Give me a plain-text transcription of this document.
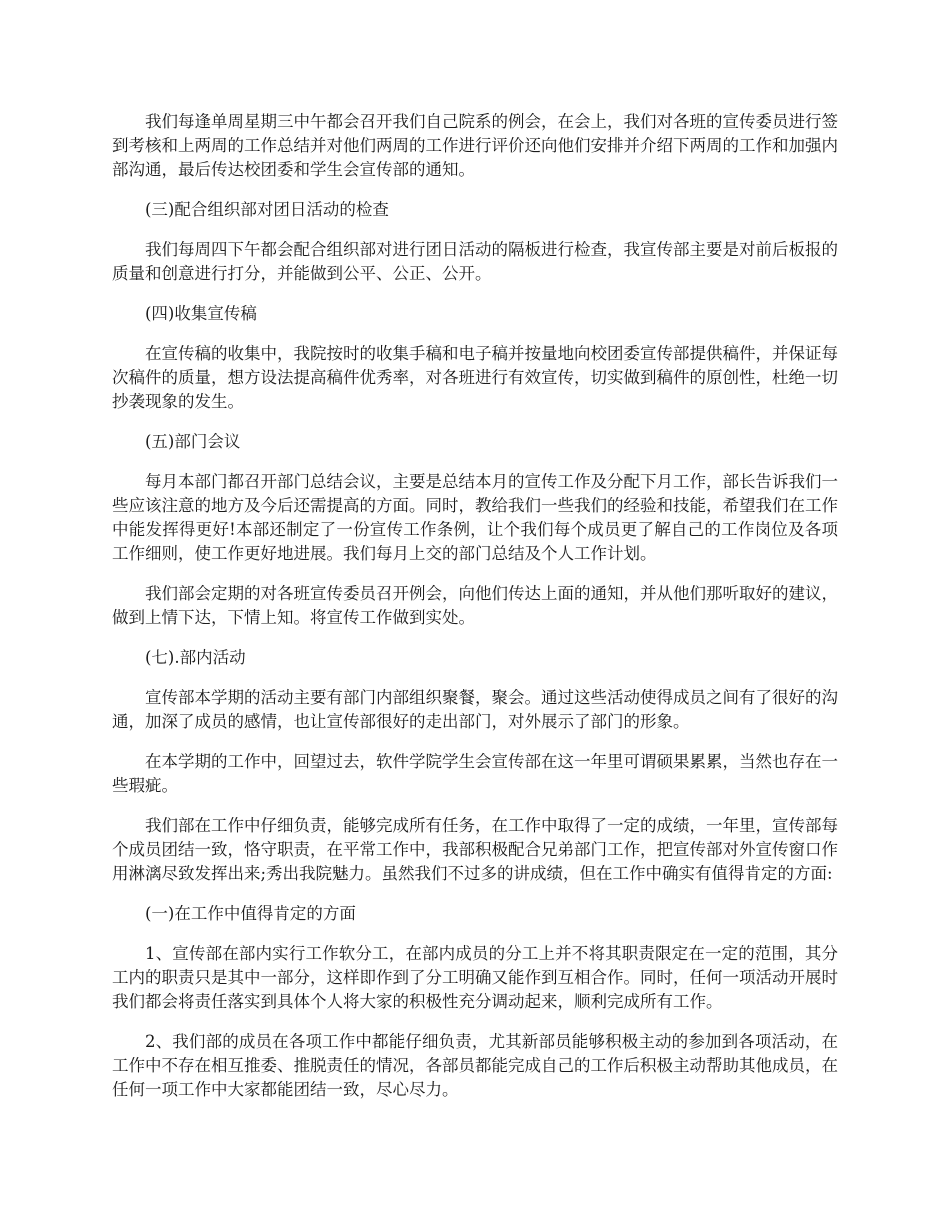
我们每逢单周星期三中午都会召开我们自己院系的例会，在会上，我们对各班的宣传委员进行签到考核和上两周的工作总结并对他们两周的工作进行评价还向他们安排并介绍下两周的工作和加强内部沟通，最后传达校团委和学生会宣传部的通知。

(三)配合组织部对团日活动的检查

我们每周四下午都会配合组织部对进行团日活动的隔板进行检查，我宣传部主要是对前后板报的质量和创意进行打分，并能做到公平、公正、公开。

(四)收集宣传稿

在宣传稿的收集中，我院按时的收集手稿和电子稿并按量地向校团委宣传部提供稿件，并保证每次稿件的质量，想方设法提高稿件优秀率，对各班进行有效宣传，切实做到稿件的原创性，杜绝一切抄袭现象的发生。

(五)部门会议

每月本部门都召开部门总结会议，主要是总结本月的宣传工作及分配下月工作，部长告诉我们一些应该注意的地方及今后还需提高的方面。同时，教给我们一些我们的经验和技能，希望我们在工作中能发挥得更好!本部还制定了一份宣传工作条例，让个我们每个成员更了解自己的工作岗位及各项工作细则，使工作更好地进展。我们每月上交的部门总结及个人工作计划。

我们部会定期的对各班宣传委员召开例会，向他们传达上面的通知，并从他们那听取好的建议，做到上情下达，下情上知。将宣传工作做到实处。

(七).部内活动

宣传部本学期的活动主要有部门内部组织聚餐，聚会。通过这些活动使得成员之间有了很好的沟通，加深了成员的感情，也让宣传部很好的走出部门，对外展示了部门的形象。

在本学期的工作中，回望过去，软件学院学生会宣传部在这一年里可谓硕果累累，当然也存在一些瑕疵。

我们部在工作中仔细负责，能够完成所有任务，在工作中取得了一定的成绩，一年里，宣传部每个成员团结一致，恪守职责，在平常工作中，我部积极配合兄弟部门工作，把宣传部对外宣传窗口作用淋漓尽致发挥出来;秀出我院魅力。虽然我们不过多的讲成绩，但在工作中确实有值得肯定的方面:

(一)在工作中值得肯定的方面

1、宣传部在部内实行工作软分工，在部内成员的分工上并不将其职责限定在一定的范围，其分工内的职责只是其中一部分，这样即作到了分工明确又能作到互相合作。同时，任何一项活动开展时我们都会将责任落实到具体个人将大家的积极性充分调动起来，顺利完成所有工作。

2、我们部的成员在各项工作中都能仔细负责，尤其新部员能够积极主动的参加到各项活动，在工作中不存在相互推委、推脱责任的情况，各部员都能完成自己的工作后积极主动帮助其他成员，在任何一项工作中大家都能团结一致，尽心尽力。
